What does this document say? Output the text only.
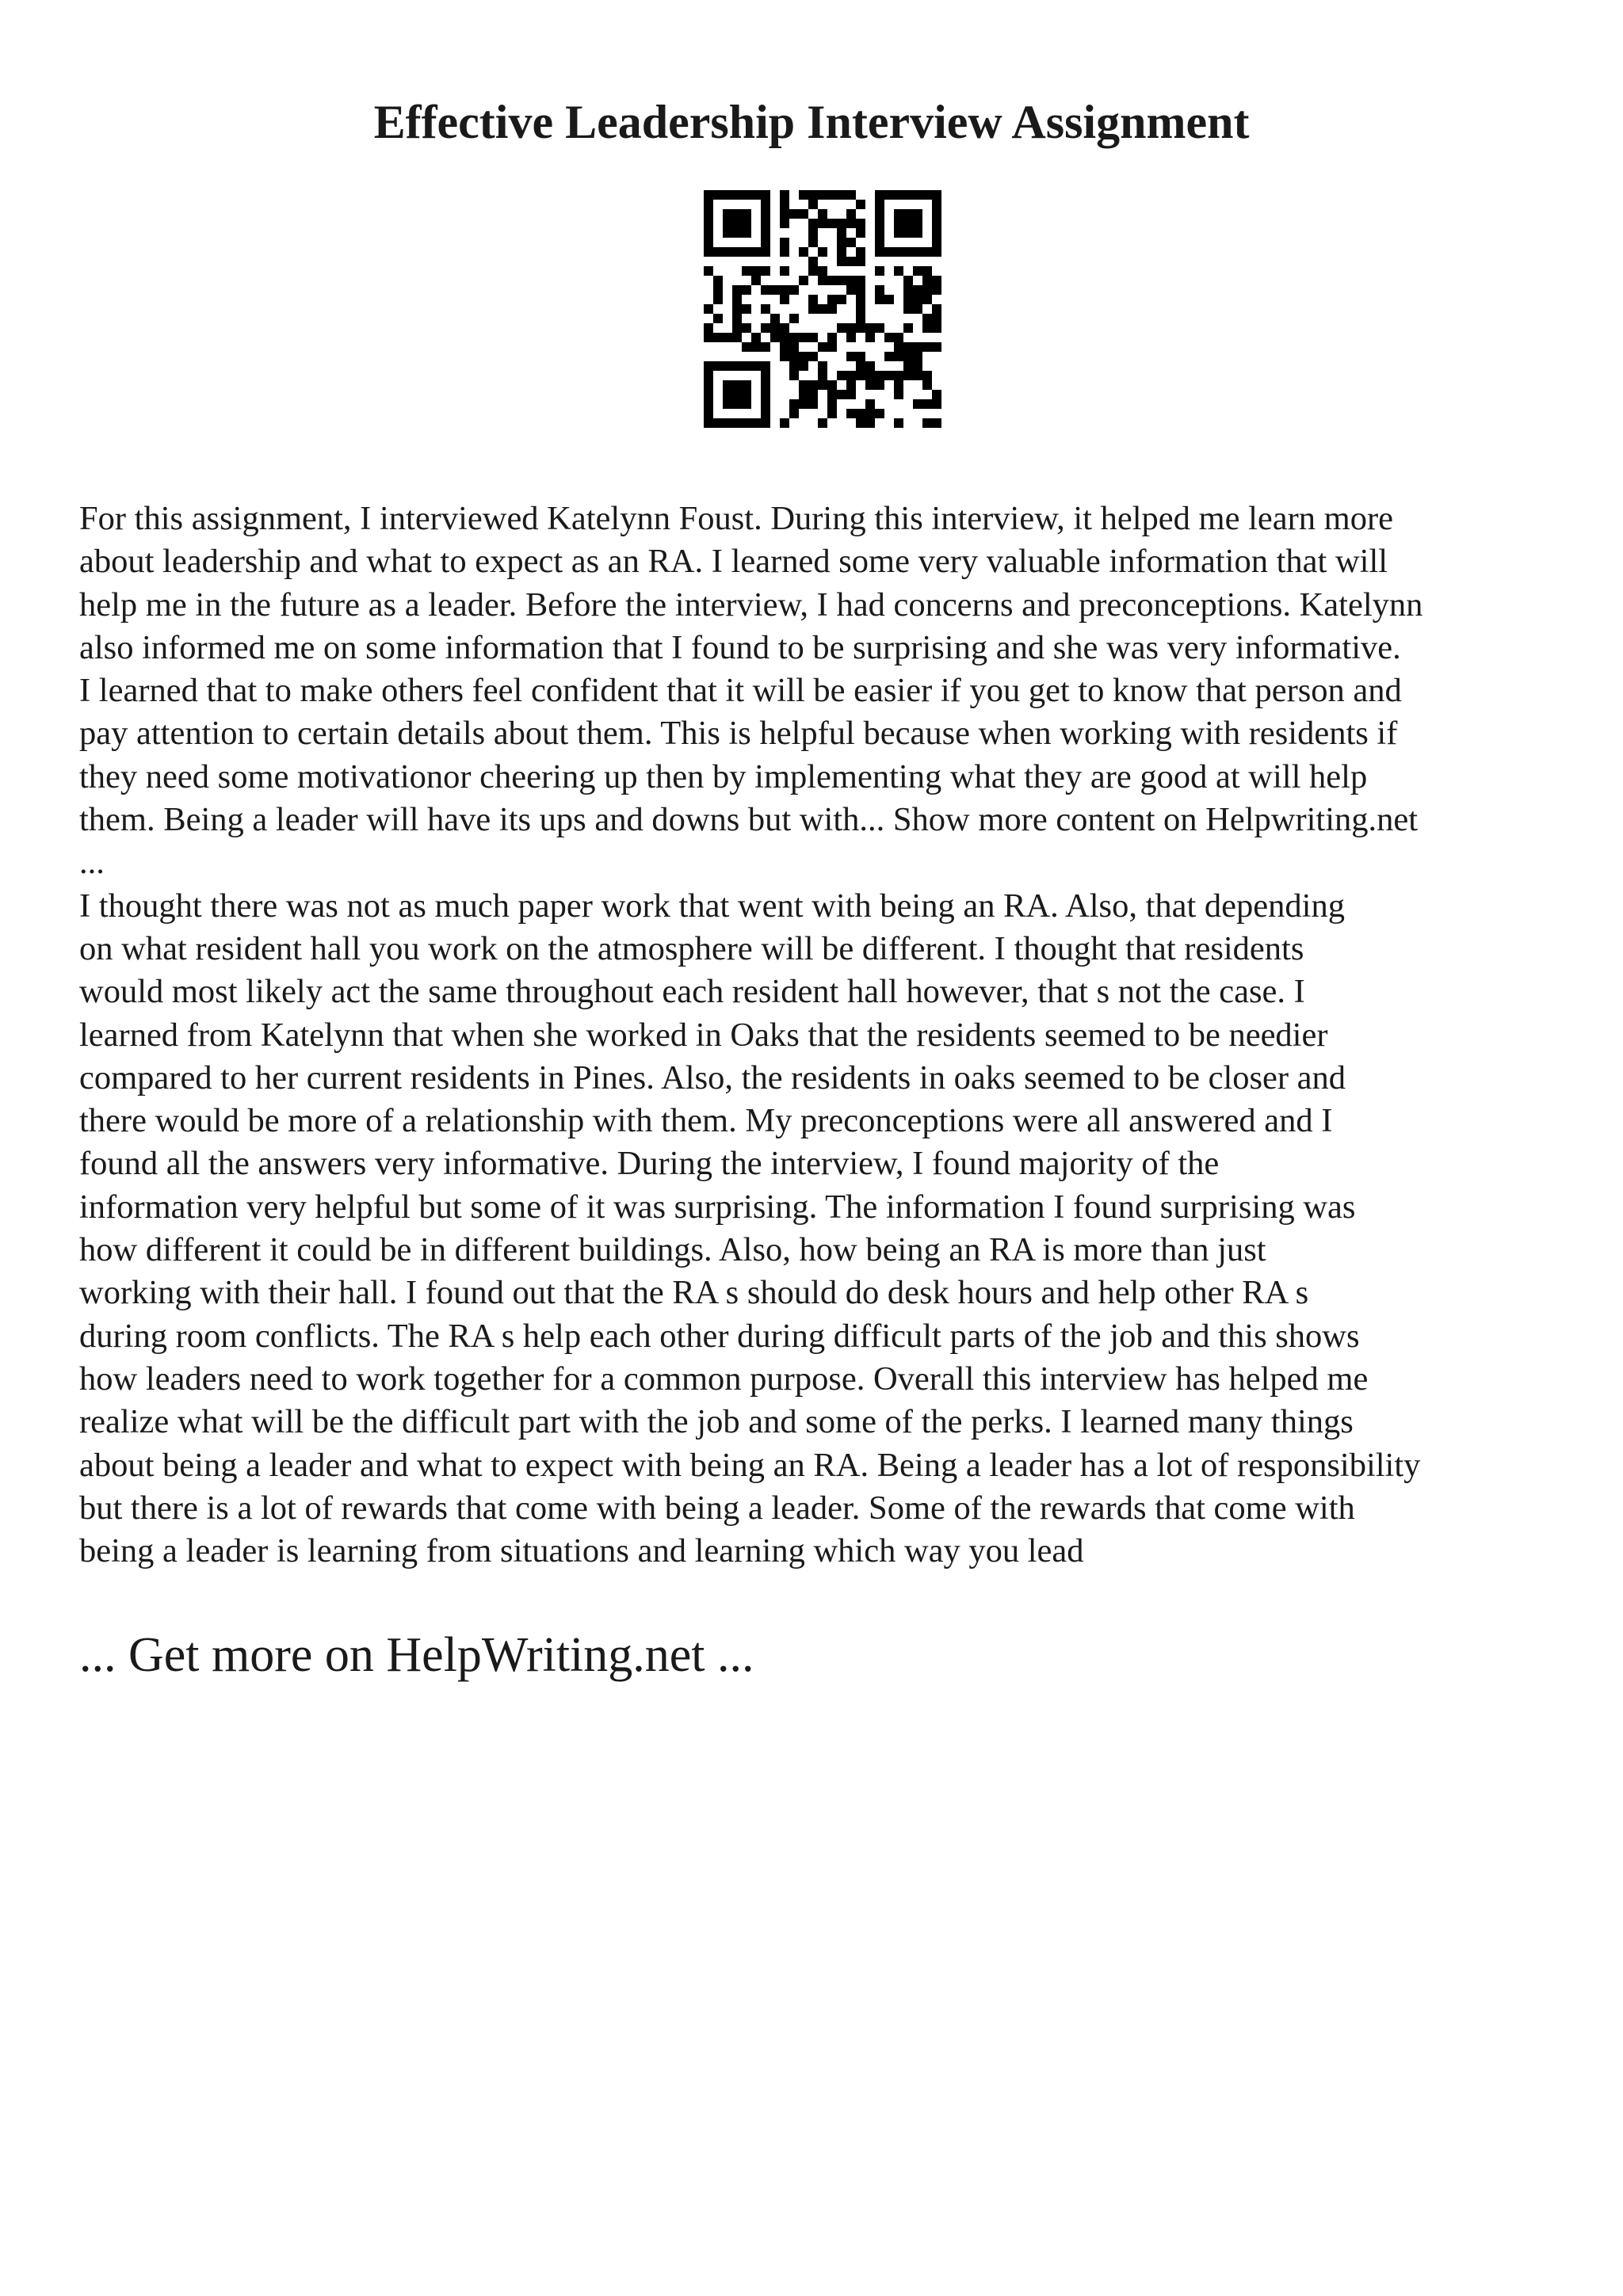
Effective Leadership Interview Assignment
For this assignment, I interviewed Katelynn Foust. During this interview, it helped me learn more
about leadership and what to expect as an RA. I learned some very valuable information that will
help me in the future as a leader. Before the interview, I had concerns and preconceptions. Katelynn
also informed me on some information that I found to be surprising and she was very informative.
I learned that to make others feel confident that it will be easier if you get to know that person and
pay attention to certain details about them. This is helpful because when working with residents if
they need some motivationor cheering up then by implementing what they are good at will help
them. Being a leader will have its ups and downs but with... Show more content on Helpwriting.net
...
I thought there was not as much paper work that went with being an RA. Also, that depending
on what resident hall you work on the atmosphere will be different. I thought that residents
would most likely act the same throughout each resident hall however, that s not the case. I
learned from Katelynn that when she worked in Oaks that the residents seemed to be needier
compared to her current residents in Pines. Also, the residents in oaks seemed to be closer and
there would be more of a relationship with them. My preconceptions were all answered and I
found all the answers very informative. During the interview, I found majority of the
information very helpful but some of it was surprising. The information I found surprising was
how different it could be in different buildings. Also, how being an RA is more than just
working with their hall. I found out that the RA s should do desk hours and help other RA s
during room conflicts. The RA s help each other during difficult parts of the job and this shows
how leaders need to work together for a common purpose. Overall this interview has helped me
realize what will be the difficult part with the job and some of the perks. I learned many things
about being a leader and what to expect with being an RA. Being a leader has a lot of responsibility
but there is a lot of rewards that come with being a leader. Some of the rewards that come with
being a leader is learning from situations and learning which way you lead
... Get more on HelpWriting.net ...
